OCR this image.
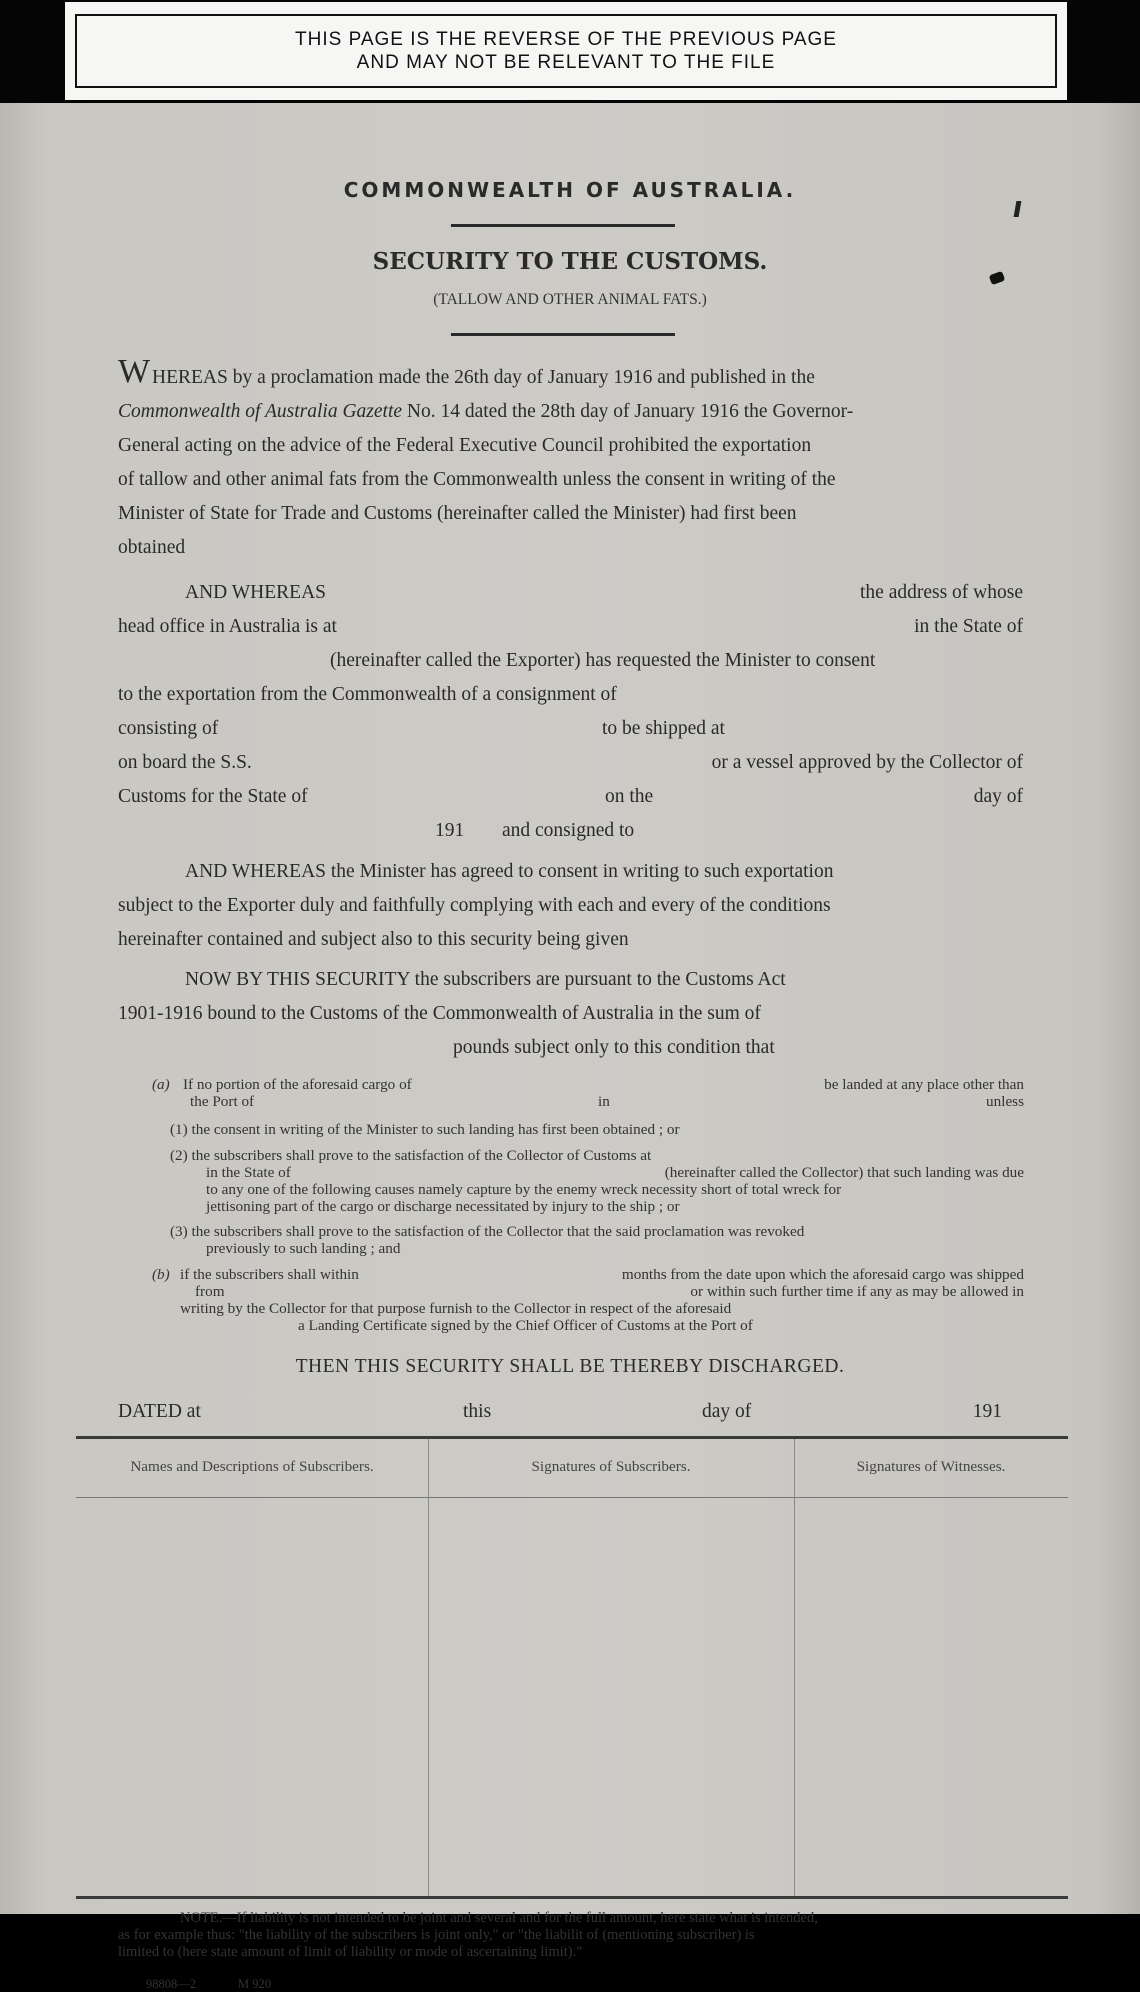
THIS PAGE IS THE REVERSE OF THE PREVIOUS PAGE
AND MAY NOT BE RELEVANT TO THE FILE
COMMONWEALTH OF AUSTRALIA.
SECURITY TO THE CUSTOMS.
(TALLOW AND OTHER ANIMAL FATS.)
W HEREAS by a proclamation made the 26th day of January 1916 and published in the
Commonwealth of Australia Gazette No. 14 dated the 28th day of January 1916 the Governor-
General acting on the advice of the Federal Executive Council prohibited the exportation
of tallow and other animal fats from the Commonwealth unless the consent in writing of the
Minister of State for Trade and Customs (hereinafter called the Minister) had first been
obtained
AND WHEREAS	the address of whose
head office in Australia is at	in the State of
(hereinafter called the Exporter) has requested the Minister to consent
to the exportation from the Commonwealth of a consignment of
consisting of	to be shipped at
on board the S.S.	or a vessel approved by the Collector of
Customs for the State of	on the	day of
191 and consigned to
AND WHEREAS the Minister has agreed to consent in writing to such exportation
subject to the Exporter duly and faithfully complying with each and every of the conditions
hereinafter contained and subject also to this security being given
NOW BY THIS SECURITY the subscribers are pursuant to the Customs Act
1901-1916 bound to the Customs of the Commonwealth of Australia in the sum of
pounds subject only to this condition that
(a) If no portion of the aforesaid cargo of	be landed at any place other than
the Port of	in	unless
(1) the consent in writing of the Minister to such landing has first been obtained ; or
(2) the subscribers shall prove to the satisfaction of the Collector of Customs at
in the State of	(hereinafter called the Collector) that such landing was due
to any one of the following causes namely capture by the enemy wreck necessity short of total wreck for
jettisoning part of the cargo or discharge necessitated by injury to the ship ; or
(3) the subscribers shall prove to the satisfaction of the Collector that the said proclamation was revoked
previously to such landing ; and
(b) if the subscribers shall within	months from the date upon which the aforesaid cargo was shipped
from	or within such further time if any as may be allowed in
writing by the Collector for that purpose furnish to the Collector in respect of the aforesaid
a Landing Certificate signed by the Chief Officer of Customs at the Port of
THEN THIS SECURITY SHALL BE THEREBY DISCHARGED.
DATED at	this	day of	191
Names and Descriptions of Subscribers.	Signatures of Subscribers.	Signatures of Witnesses.
NOTE.—If liability is not intended to be joint and several and for the full amount, here state what is intended,
as for example thus: "the liability of the subscribers is joint only," or "the liabilit of (mentioning subscriber) is
limited to (here state amount of limit of liability or mode of ascertaining limit)."
98808—2	M 920
